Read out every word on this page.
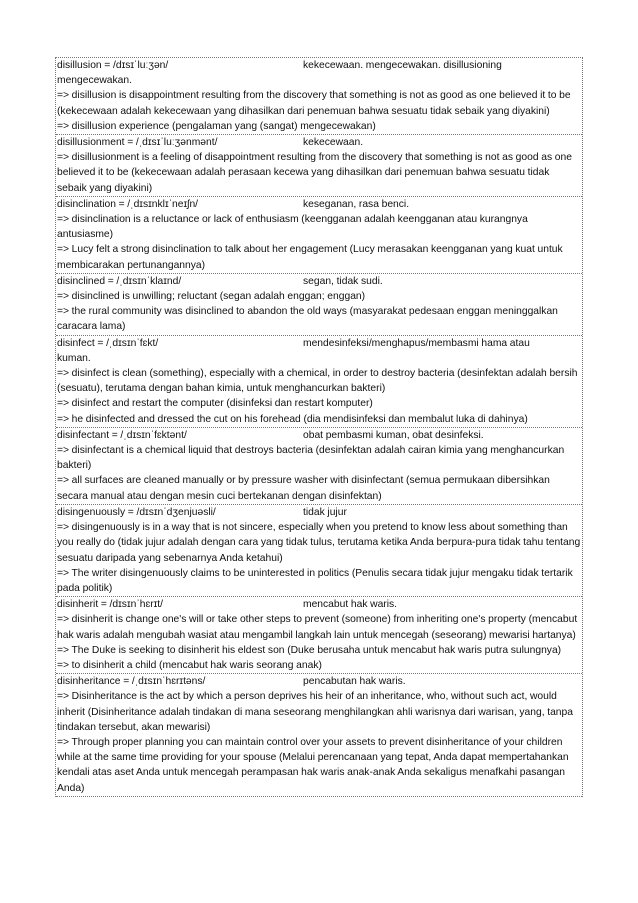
disillusion = /dɪsɪˈluːʒən/	kekecewaan. mengecewakan. disillusioning
mengecewakan.
=> disillusion is disappointment resulting from the discovery that something is not as good as one believed it to be (kekecewaan adalah kekecewaan yang dihasilkan dari penemuan bahwa sesuatu tidak sebaik yang diyakini)
=> disillusion experience (pengalaman yang (sangat) mengecewakan)
disillusionment = /ˌdɪsɪˈluːʒənmənt/	kekecewaan.
=> disillusionment is a feeling of disappointment resulting from the discovery that something is not as good as one believed it to be (kekecewaan adalah perasaan kecewa yang dihasilkan dari penemuan bahwa sesuatu tidak sebaik yang diyakini)
disinclination = /ˌdɪsɪnklɪˈneɪʃn/	keseganan, rasa benci.
=> disinclination is a reluctance or lack of enthusiasm (keengganan adalah keengganan atau kurangnya antusiasme)
=> Lucy felt a strong disinclination to talk about her engagement (Lucy merasakan keengganan yang kuat untuk membicarakan pertunangannya)
disinclined = /ˌdɪsɪnˈklaɪnd/	segan, tidak sudi.
=> disinclined is unwilling; reluctant (segan adalah enggan; enggan)
=> the rural community was disinclined to abandon the old ways (masyarakat pedesaan enggan meninggalkan caracara lama)
disinfect = /ˌdɪsɪnˈfɛkt/	mendesinfeksi/menghapus/membasmi hama atau
kuman.
=> disinfect is clean (something), especially with a chemical, in order to destroy bacteria (desinfektan adalah bersih (sesuatu), terutama dengan bahan kimia, untuk menghancurkan bakteri)
=> disinfect and restart the computer (disinfeksi dan restart komputer)
=> he disinfected and dressed the cut on his forehead (dia mendisinfeksi dan membalut luka di dahinya)
disinfectant = /ˌdɪsɪnˈfɛktənt/	obat pembasmi kuman, obat desinfeksi.
=> disinfectant is a chemical liquid that destroys bacteria (desinfektan adalah cairan kimia yang menghancurkan bakteri)
=> all surfaces are cleaned manually or by pressure washer with disinfectant (semua permukaan dibersihkan secara manual atau dengan mesin cuci bertekanan dengan disinfektan)
disingenuously = /dɪsɪnˈdʒenjuəsli/	tidak jujur
=> disingenuously is in a way that is not sincere, especially when you pretend to know less about something than you really do (tidak jujur adalah dengan cara yang tidak tulus, terutama ketika Anda berpura-pura tidak tahu tentang sesuatu daripada yang sebenarnya Anda ketahui)
=> The writer disingenuously claims to be uninterested in politics (Penulis secara tidak jujur mengaku tidak tertarik pada politik)
disinherit = /dɪsɪnˈhɛrɪt/	mencabut hak waris.
=> disinherit is change one's will or take other steps to prevent (someone) from inheriting one's property (mencabut hak waris adalah mengubah wasiat atau mengambil langkah lain untuk mencegah (seseorang) mewarisi hartanya)
=> The Duke is seeking to disinherit his eldest son (Duke berusaha untuk mencabut hak waris putra sulungnya)
=> to disinherit a child (mencabut hak waris seorang anak)
disinheritance = /ˌdɪsɪnˈhɛrɪtəns/	pencabutan hak waris.
=> Disinheritance is the act by which a person deprives his heir of an inheritance, who, without such act, would inherit (Disinheritance adalah tindakan di mana seseorang menghilangkan ahli warisnya dari warisan, yang, tanpa tindakan tersebut, akan mewarisi)
=> Through proper planning you can maintain control over your assets to prevent disinheritance of your children while at the same time providing for your spouse (Melalui perencanaan yang tepat, Anda dapat mempertahankan kendali atas aset Anda untuk mencegah perampasan hak waris anak-anak Anda sekaligus menafkahi pasangan Anda)
